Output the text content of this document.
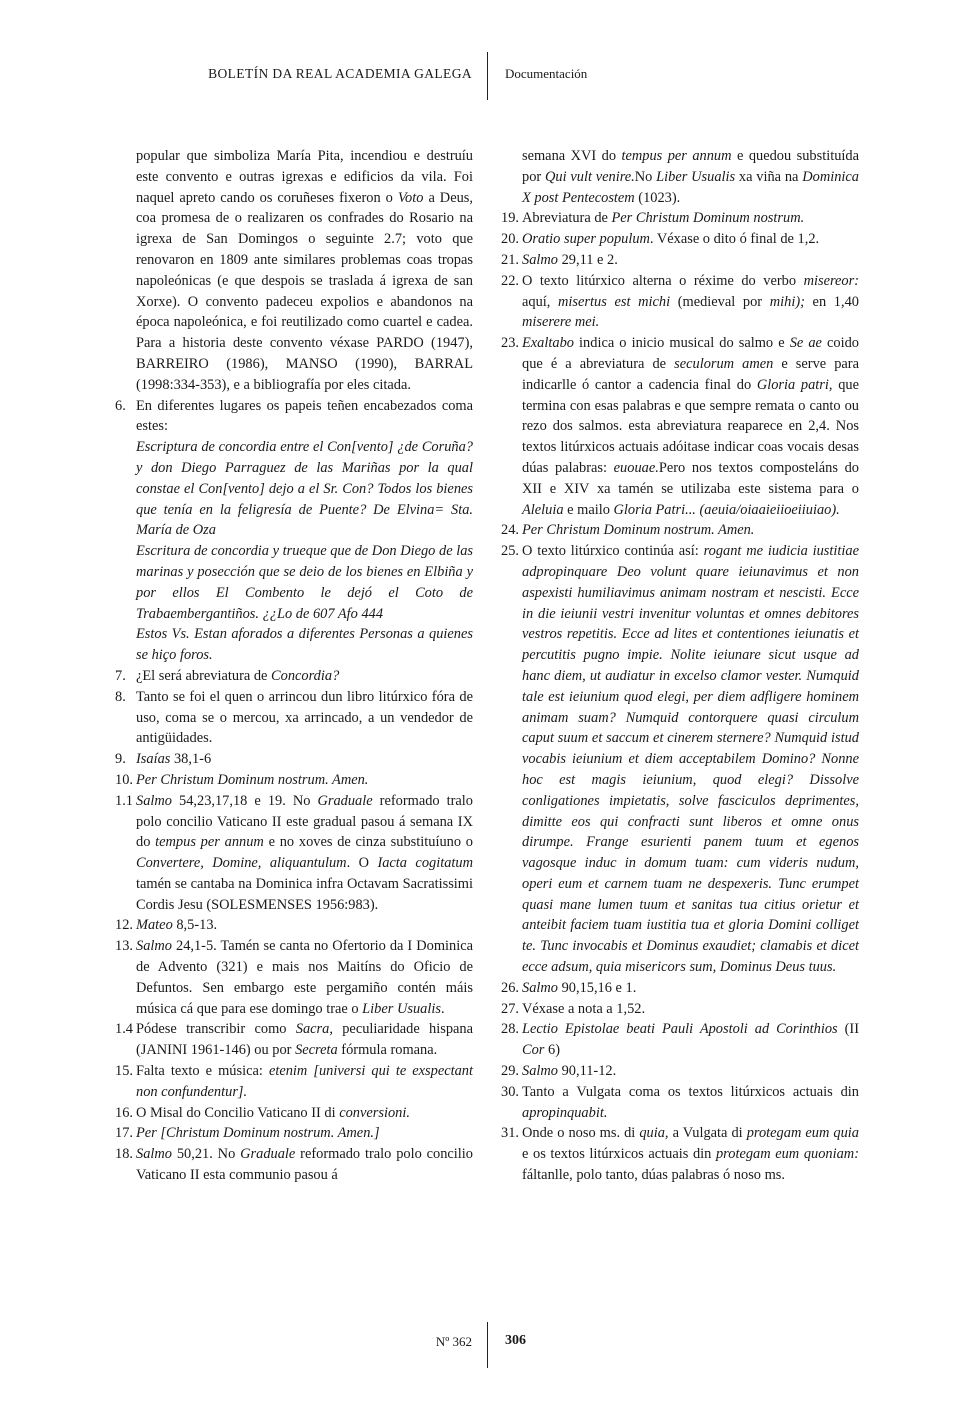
BOLETÍN DA REAL ACADEMIA GALEGA	Documentación

popular que simboliza María Pita, incendiou e destruíu este convento e outras igrexas e edificios da vila. Foi naquel apreto cando os coruñeses fixeron o Voto a Deus, coa promesa de o realizaren os confrades do Rosario na igrexa de San Domingos o seguinte 2.7; voto que renovaron en 1809 ante similares problemas coas tropas napoleónicas (e que despois se traslada á igrexa de san Xorxe). O convento padeceu expolios e abandonos na época napoleónica, e foi reutilizado como cuartel e cadea. Para a historia deste convento véxase PARDO (1947), BARREIRO (1986), MANSO (1990), BARRAL (1998:334-353), e a bibliografía por eles citada.

6. En diferentes lugares os papeis teñen encabezados coma estes:
Escriptura de concordia entre el Con[vento] ¿de Coruña? y don Diego Parraguez de las Mariñas por la qual constae el Con[vento] dejo a el Sr. Con? Todos los bienes que tenía en la feligresía de Puente? De Elvina= Sta. María de Oza
Escritura de concordia y trueque que de Don Diego de las marinas y posección que se deio de los bienes en Elbiña y por ellos El Combento le dejó el Coto de Trabaembergantiños. ¿¿Lo de 607 Afo 444
Estos Vs. Estan aforados a diferentes Personas a quienes se hiço foros.

7. ¿El será abreviatura de Concordia?

8. Tanto se foi el quen o arrincou dun libro litúrxico fóra de uso, coma se o mercou, xa arrincado, a un vendedor de antigüidades.

9. Isaías 38,1-6

10. Per Christum Dominum nostrum. Amen.

1.1 Salmo 54,23,17,18 e 19. No Graduale reformado tralo polo concilio Vaticano II este gradual pasou á semana IX do tempus per annum e no xoves de cinza substituíuno o Convertere, Domine, aliquantulum. O Iacta cogitatum tamén se cantaba na Dominica infra Octavam Sacratissimi Cordis Jesu (SOLESMENSES 1956:983).

12. Mateo 8,5-13.

13. Salmo 24,1-5. Tamén se canta no Ofertorio da I Dominica de Advento (321) e mais nos Maitíns do Oficio de Defuntos. Sen embargo este pergamiño contén máis música cá que para ese domingo trae o Liber Usualis.

1.4 Pódese transcribir como Sacra, peculiaridade hispana (JANINI 1961-146) ou por Secreta fórmula romana.

15. Falta texto e música: etenim [universi qui te exspectant non confundentur].

16. O Misal do Concilio Vaticano II di conversioni.

17. Per [Christum Dominum nostrum. Amen.]

18. Salmo 50,21. No Graduale reformado tralo polo concilio Vaticano II esta communio pasou á

semana XVI do tempus per annum e quedou substituída por Qui vult venire.No Liber Usualis xa viña na Dominica X post Pentecostem (1023).

19. Abreviatura de Per Christum Dominum nostrum.

20. Oratio super populum. Véxase o dito ó final de 1,2.

21. Salmo 29,11 e 2.

22. O texto litúrxico alterna o réxime do verbo misereor: aquí, misertus est michi (medieval por mihi); en 1,40 miserere mei.

23. Exaltabo indica o inicio musical do salmo e Se ae coido que é a abreviatura de seculorum amen e serve para indicarlle ó cantor a cadencia final do Gloria patri, que termina con esas palabras e que sempre remata o canto ou rezo dos salmos. esta abreviatura reaparece en 2,4. Nos textos litúrxicos actuais adóitase indicar coas vocais desas dúas palabras: euouae.Pero nos textos composteláns do XII e XIV xa tamén se utilizaba este sistema para o Aleluia e mailo Gloria Patri... (aeuia/oiaaieiioeiiuiao).

24. Per Christum Dominum nostrum. Amen.

25. O texto litúrxico continúa así: rogant me iudicia iustitiae adpropinquare Deo volunt quare ieiunavimus et non aspexisti humiliavimus animam nostram et nescisti. Ecce in die ieiunii vestri invenitur voluntas et omnes debitores vestros repetitis. Ecce ad lites et contentiones ieiunatis et percutitis pugno impie. Nolite ieiunare sicut usque ad hanc diem, ut audiatur in excelso clamor vester. Numquid tale est ieiunium quod elegi, per diem adfligere hominem animam suam? Numquid contorquere quasi circulum caput suum et saccum et cinerem sternere? Numquid istud vocabis ieiunium et diem acceptabilem Domino? Nonne hoc est magis ieiunium, quod elegi? Dissolve conligationes impietatis, solve fasciculos deprimentes, dimitte eos qui confracti sunt liberos et omne onus dirumpe. Frange esurienti panem tuum et egenos vagosque induc in domum tuam: cum videris nudum, operi eum et carnem tuam ne despexeris. Tunc erumpet quasi mane lumen tuum et sanitas tua citius orietur et anteibit faciem tuam iustitia tua et gloria Domini colliget te. Tunc invocabis et Dominus exaudiet; clamabis et dicet ecce adsum, quia misericors sum, Dominus Deus tuus.

26. Salmo 90,15,16 e 1.

27. Véxase a nota a 1,52.

28. Lectio Epistolae beati Pauli Apostoli ad Corinthios (II Cor 6)

29. Salmo 90,11-12.

30. Tanto a Vulgata coma os textos litúrxicos actuais din apropinquabit.

31. Onde o noso ms. di quia, a Vulgata di protegam eum quia e os textos litúrxicos actuais din protegam eum quoniam: fáltanlle, polo tanto, dúas palabras ó noso ms.

Nº 362 306
